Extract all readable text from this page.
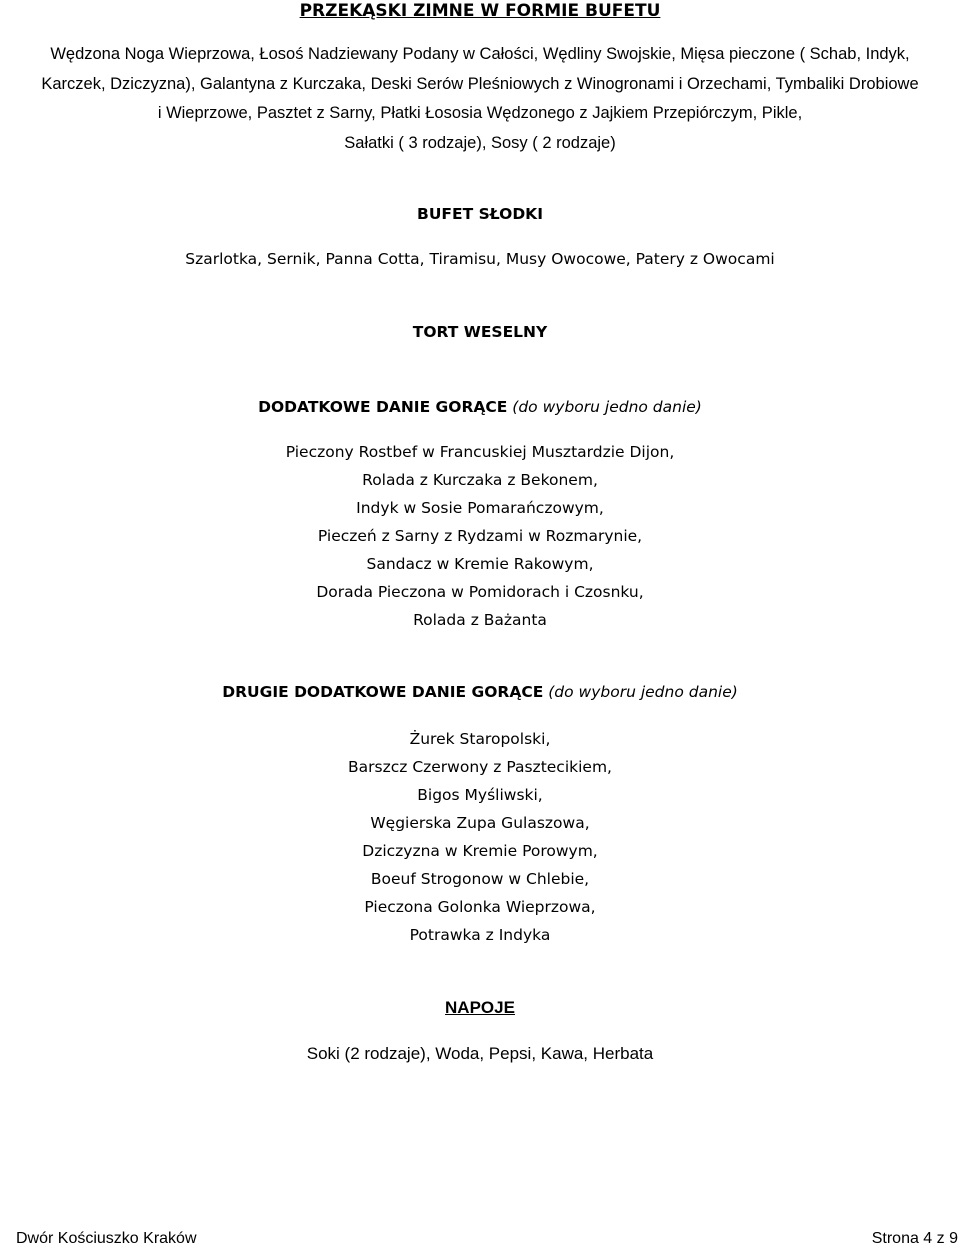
PRZEKĄSKI ZIMNE W FORMIE BUFETU
Wędzona Noga Wieprzowa, Łosoś Nadziewany Podany w Całości, Wędliny Swojskie, Mięsa pieczone ( Schab, Indyk,
Karczek, Dziczyzna), Galantyna z Kurczaka, Deski Serów Pleśniowych z Winogronami i Orzechami, Tymbaliki Drobiowe
i Wieprzowe, Pasztet z Sarny, Płatki Łososia Wędzonego z Jajkiem Przepiórczym, Pikle,
Sałatki ( 3 rodzaje), Sosy ( 2 rodzaje)
BUFET SŁODKI
Szarlotka, Sernik, Panna Cotta, Tiramisu, Musy Owocowe, Patery z Owocami
TORT WESELNY
DODATKOWE DANIE GORĄCE (do wyboru jedno danie)
Pieczony Rostbef w Francuskiej Musztardzie Dijon,
Rolada z Kurczaka z Bekonem,
Indyk w Sosie Pomarańczowym,
Pieczeń z Sarny z Rydzami w Rozmarynie,
Sandacz w Kremie Rakowym,
Dorada Pieczona w Pomidorach i Czosnku,
Rolada z Bażanta
DRUGIE DODATKOWE DANIE GORĄCE (do wyboru jedno danie)
Żurek Staropolski,
Barszcz Czerwony z Pasztecikiem,
Bigos Myśliwski,
Węgierska Zupa Gulaszowa,
Dziczyzna w Kremie Porowym,
Boeuf Strogonow w Chlebie,
Pieczona Golonka Wieprzowa,
Potrawka z Indyka
NAPOJE
Soki (2 rodzaje), Woda, Pepsi, Kawa, Herbata
Dwór Kościuszko Kraków	Strona 4 z 9
